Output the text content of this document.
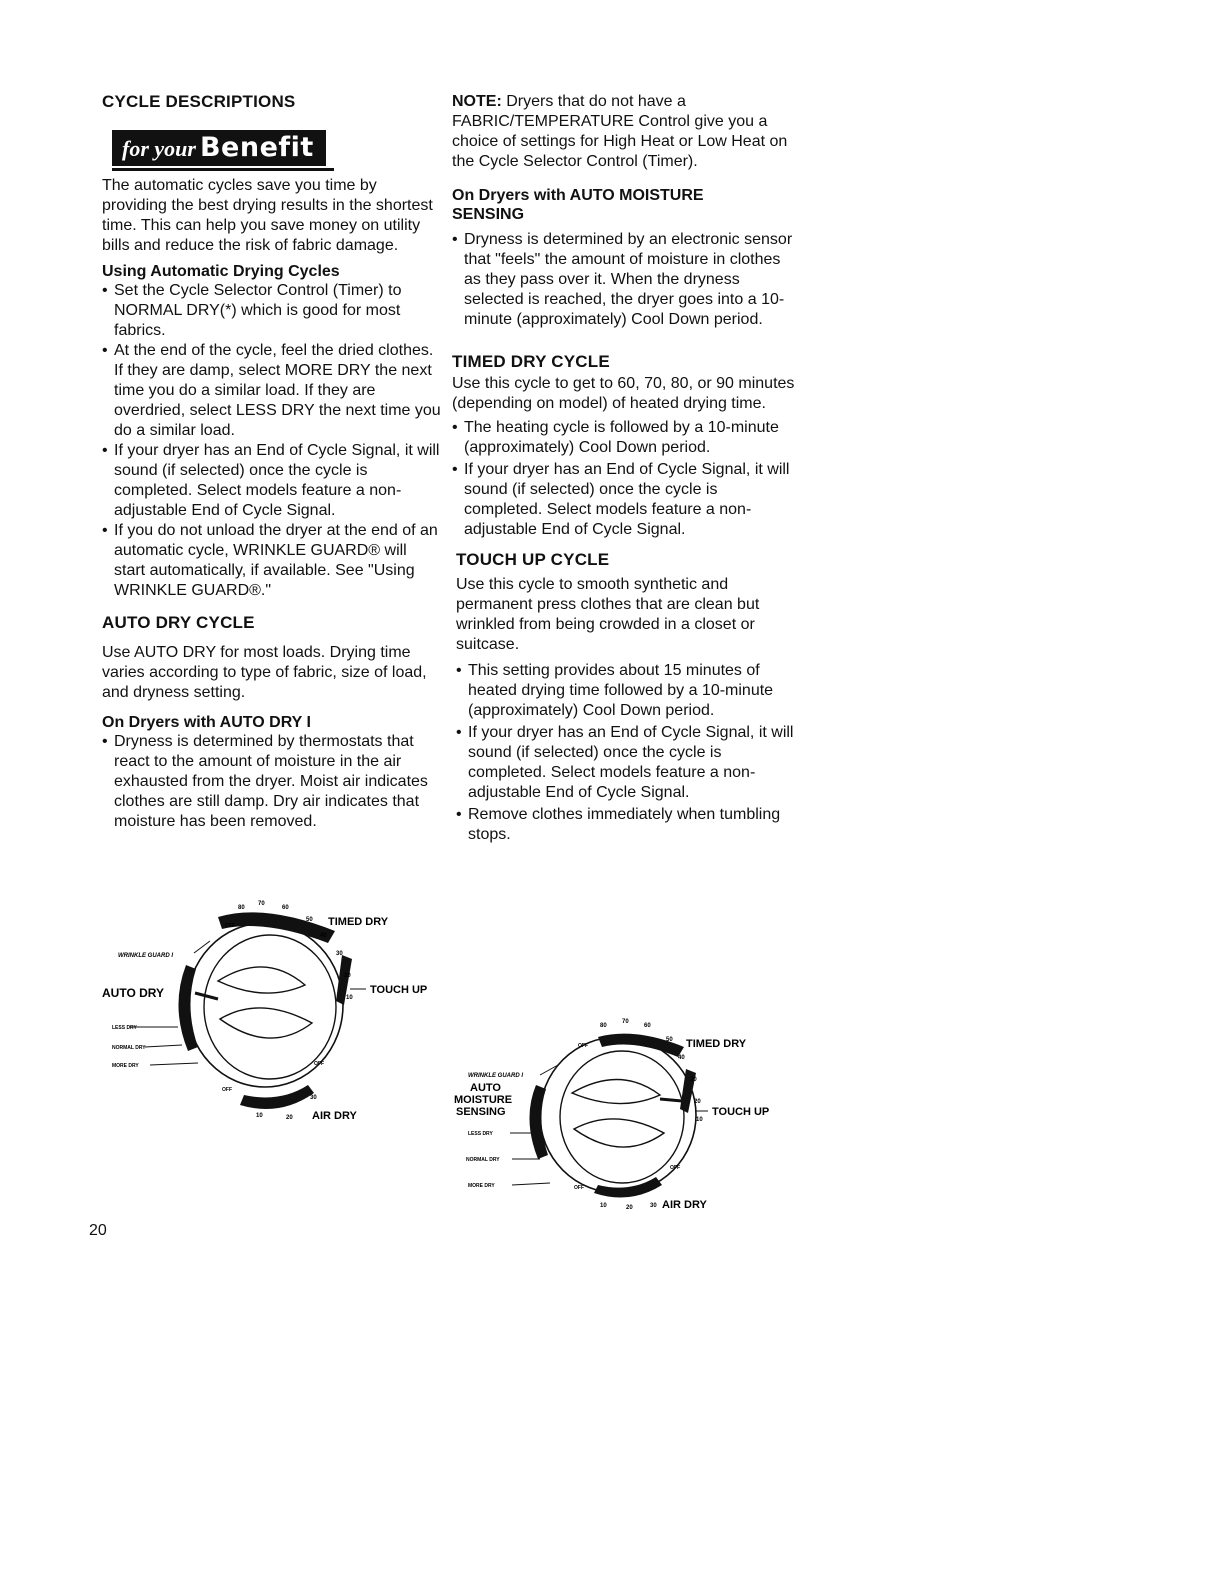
CYCLE DESCRIPTIONS
for your Benefit

The automatic cycles save you time by providing the best drying results in the shortest time. This can help you save money on utility bills and reduce the risk of fabric damage.

Using Automatic Drying Cycles
• Set the Cycle Selector Control (Timer) to NORMAL DRY(*) which is good for most fabrics.
• At the end of the cycle, feel the dried clothes. If they are damp, select MORE DRY the next time you do a similar load. If they are overdried, select LESS DRY the next time you do a similar load.
• If your dryer has an End of Cycle Signal, it will sound (if selected) once the cycle is completed. Select models feature a non-adjustable End of Cycle Signal.
• If you do not unload the dryer at the end of an automatic cycle, WRINKLE GUARD® will start automatically, if available. See "Using WRINKLE GUARD®."
AUTO DRY CYCLE

Use AUTO DRY for most loads. Drying time varies according to type of fabric, size of load, and dryness setting.

On Dryers with AUTO DRY I
• Dryness is determined by thermostats that react to the amount of moisture in the air exhausted from the dryer. Moist air indicates clothes are still damp. Dry air indicates that moisture has been removed.

NOTE: Dryers that do not have a FABRIC/TEMPERATURE Control give you a choice of settings for High Heat or Low Heat on the Cycle Selector Control (Timer).

On Dryers with AUTO MOISTURE SENSING
• Dryness is determined by an electronic sensor that "feels" the amount of moisture in clothes as they pass over it. When the dryness selected is reached, the dryer goes into a 10-minute (approximately) Cool Down period.
TIMED DRY CYCLE

Use this cycle to get to 60, 70, 80, or 90 minutes (depending on model) of heated drying time.

• The heating cycle is followed by a 10-minute (approximately) Cool Down period.
• If your dryer has an End of Cycle Signal, it will sound (if selected) once the cycle is completed. Select models feature a non-adjustable End of Cycle Signal.
TOUCH UP CYCLE

Use this cycle to smooth synthetic and permanent press clothes that are clean but wrinkled from being crowded in a closet or suitcase.

• This setting provides about 15 minutes of heated drying time followed by a 10-minute (approximately) Cool Down period.
• If your dryer has an End of Cycle Signal, it will sound (if selected) once the cycle is completed. Select models feature a non-adjustable End of Cycle Signal.
• Remove clothes immediately when tumbling stops.
TIMED DRY
TOUCH UP
AIR DRY
AUTO DRY
WRINKLE GUARD I
LESS DRY
NORMAL DRY
MORE DRY
OFF
OFF
OFF
80
70
60
50
40
30
20
10
10	20
30
TIMED DRY
TOUCH UP
AIR DRY
AUTO
MOISTURE
SENSING
WRINKLE GUARD I
LESS DRY
NORMAL DRY
MORE DRY
OFF
OFF
OFF
80
70
60
50
40
30
20
10
10	20	30
20
